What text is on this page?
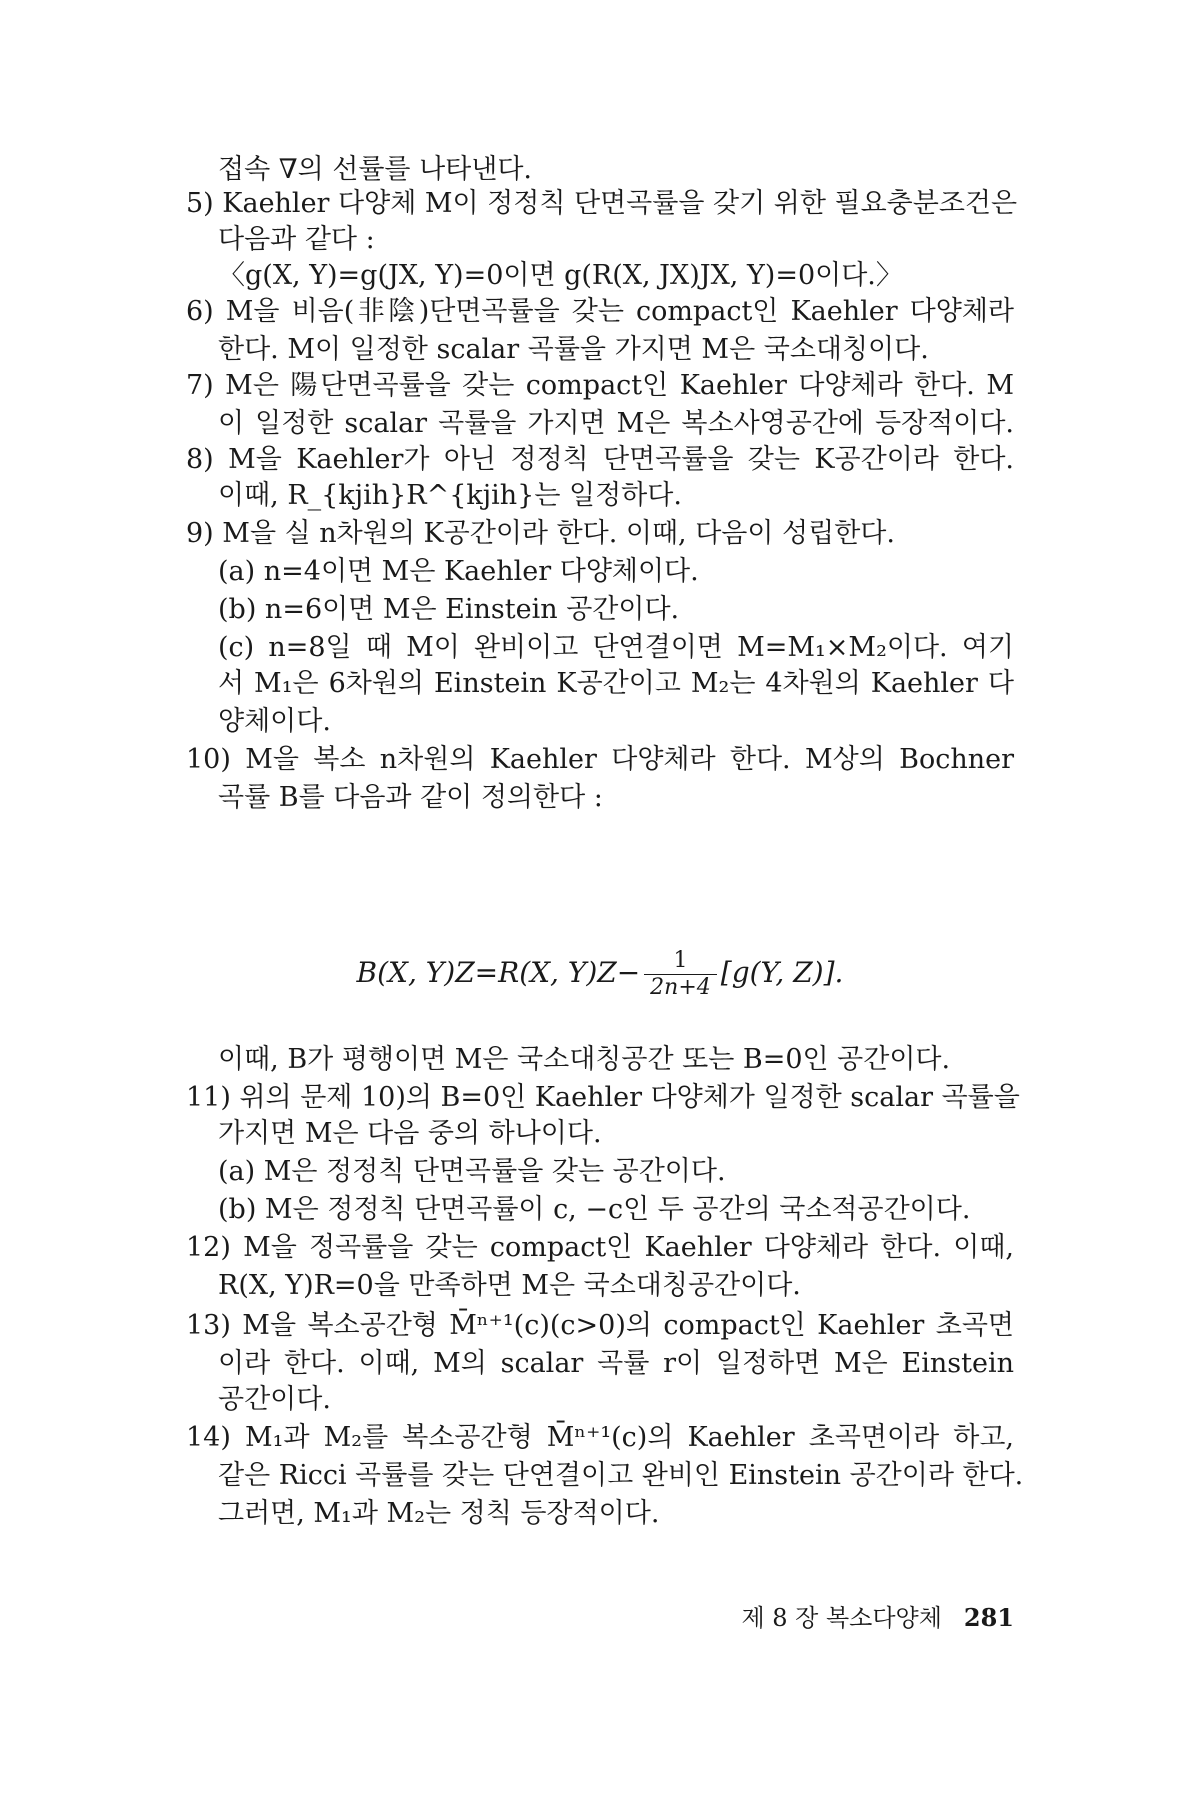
접속 ∇의 선률를 나타낸다.
5) Kaehler 다양체 M이 정정칙 단면곡률을 갖기 위한 필요충분조건은
다음과 같다 :
〈g(X, Y)=g(JX, Y)=0이면 g(R(X, JX)JX, Y)=0이다.〉
6) M을 비음(非陰)단면곡률을 갖는 compact인 Kaehler 다양체라
한다. M이 일정한 scalar 곡률을 가지면 M은 국소대칭이다.
7) M은 陽단면곡률을 갖는 compact인 Kaehler 다양체라 한다. M
이 일정한 scalar 곡률을 가지면 M은 복소사영공간에 등장적이다.
8) M을 Kaehler가 아닌 정정칙 단면곡률을 갖는 K공간이라 한다.
이때, R_{kjih}R^{kjih}는 일정하다.
9) M을 실 n차원의 K공간이라 한다. 이때, 다음이 성립한다.
(a) n=4이면 M은 Kaehler 다양체이다.
(b) n=6이면 M은 Einstein 공간이다.
(c) n=8일 때 M이 완비이고 단연결이면 M=M₁×M₂이다. 여기
서 M₁은 6차원의 Einstein K공간이고 M₂는 4차원의 Kaehler 다
양체이다.
10) M을 복소 n차원의 Kaehler 다양체라 한다. M상의 Bochner
곡률 B를 다음과 같이 정의한다 :
B(X, Y)Z=R(X, $Y)Z- \frac{1}{2n+4} [g(Y$, Z)].
이때, B가 평행이면 M은 국소대칭공간 또는 B=0인 공간이다.
11) 위의 문제 10)의 B=0인 Kaehler 다양체가 일정한 scalar 곡률을
가지면 M은 다음 중의 하나이다.
(a) M은 정정칙 단면곡률을 갖는 공간이다.
(b) M은 정정칙 단면곡률이 c, −c인 두 공간의 국소적공간이다.
12) M을 정곡률을 갖는 compact인 Kaehler 다양체라 한다. 이때,
R(X, Y)R=0을 만족하면 M은 국소대칭공간이다.
13) M을 복소공간형 M̄ⁿ⁺¹(c)(c>0)의 compact인 Kaehler 초곡면
이라 한다. 이때, M의 scalar 곡률 r이 일정하면 M은 Einstein
공간이다.
14) M₁과 M₂를 복소공간형 M̄ⁿ⁺¹(c)의 Kaehler 초곡면이라 하고,
같은 Ricci 곡률를 갖는 단연결이고 완비인 Einstein 공간이라 한다.
그러면, M₁과 M₂는 정칙 등장적이다.
제 8 장 복소다양체 281
